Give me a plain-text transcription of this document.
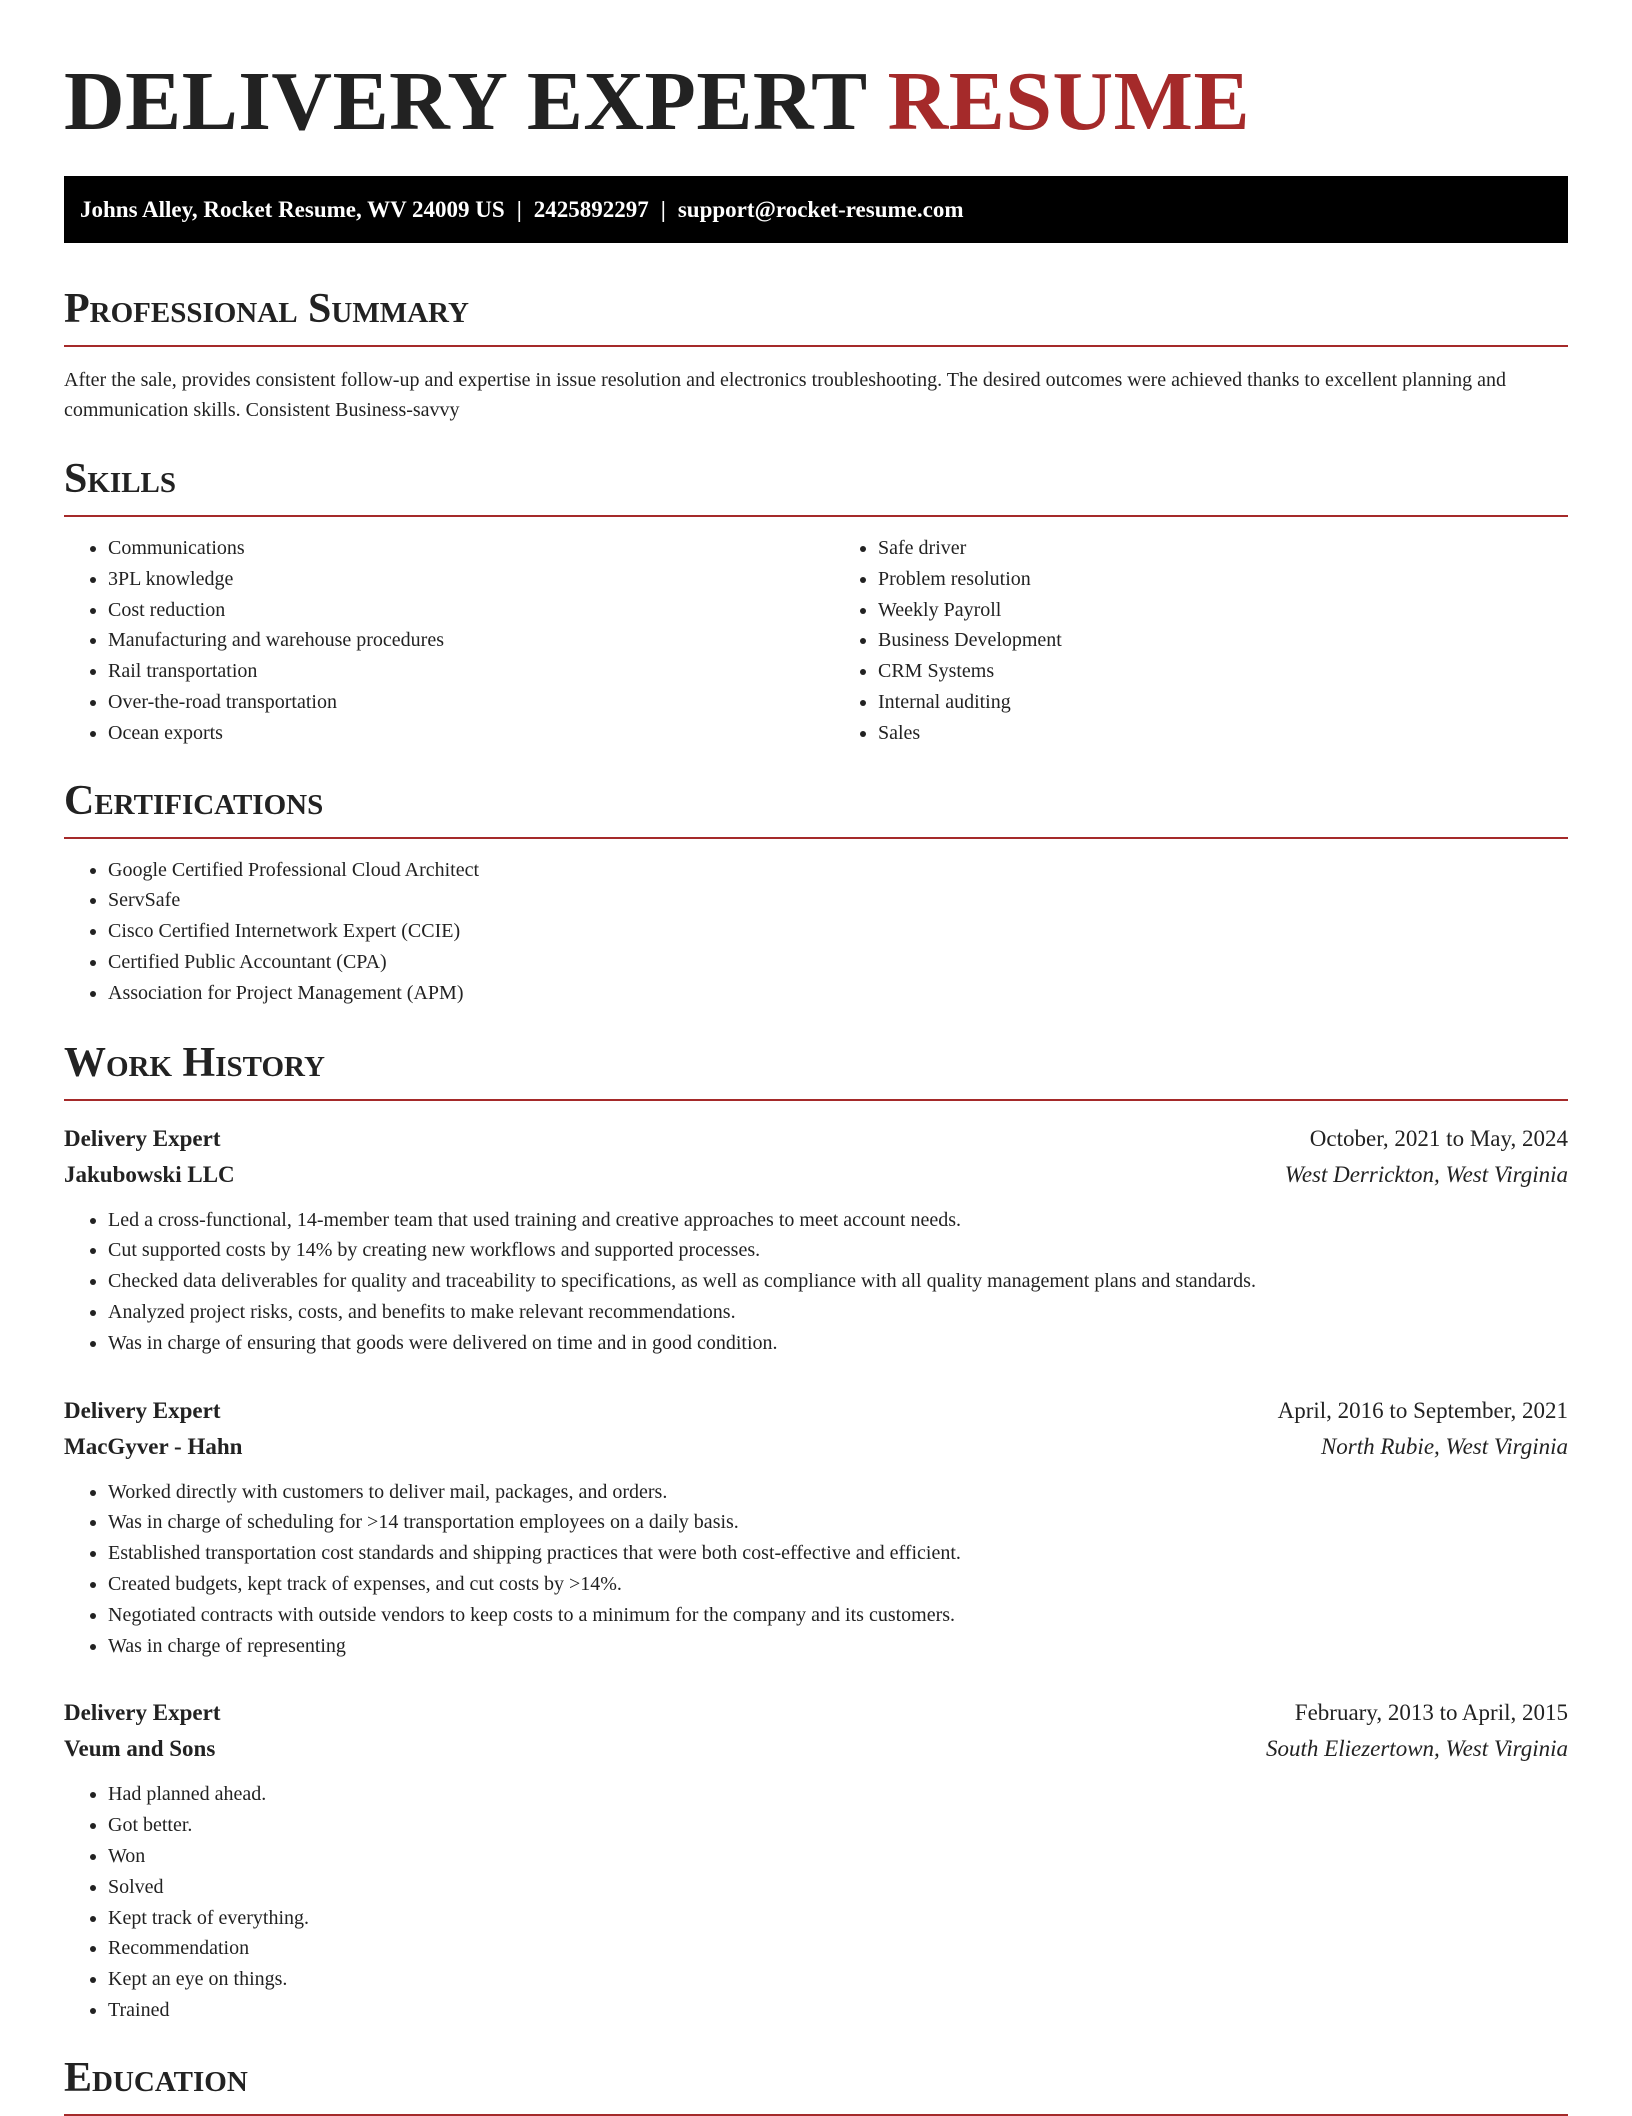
DELIVERY EXPERT RESUME
Johns Alley, Rocket Resume, WV 24009 US | 2425892297 | support@rocket-resume.com
Professional Summary

After the sale, provides consistent follow-up and expertise in issue resolution and electronics troubleshooting. The desired outcomes were achieved thanks to excellent planning and communication skills. Consistent Business-savvy

Skills
• Communications
• 3PL knowledge
• Cost reduction
• Manufacturing and warehouse procedures
• Rail transportation
• Over-the-road transportation
• Ocean exports
• Safe driver
• Problem resolution
• Weekly Payroll
• Business Development
• CRM Systems
• Internal auditing
• Sales
Certifications
• Google Certified Professional Cloud Architect
• ServSafe
• Cisco Certified Internetwork Expert (CCIE)
• Certified Public Accountant (CPA)
• Association for Project Management (APM)
Work History
Delivery Expert	October, 2021 to May, 2024
Jakubowski LLC	West Derrickton, West Virginia
• Led a cross-functional, 14-member team that used training and creative approaches to meet account needs.
• Cut supported costs by 14% by creating new workflows and supported processes.
• Checked data deliverables for quality and traceability to specifications, as well as compliance with all quality management plans and standards.
• Analyzed project risks, costs, and benefits to make relevant recommendations.
• Was in charge of ensuring that goods were delivered on time and in good condition.
Delivery Expert	April, 2016 to September, 2021
MacGyver - Hahn	North Rubie, West Virginia
• Worked directly with customers to deliver mail, packages, and orders.
• Was in charge of scheduling for >14 transportation employees on a daily basis.
• Established transportation cost standards and shipping practices that were both cost-effective and efficient.
• Created budgets, kept track of expenses, and cut costs by >14%.
• Negotiated contracts with outside vendors to keep costs to a minimum for the company and its customers.
• Was in charge of representing
Delivery Expert	February, 2013 to April, 2015
Veum and Sons	South Eliezertown, West Virginia
• Had planned ahead.
• Got better.
• Won
• Solved
• Kept track of everything.
• Recommendation
• Kept an eye on things.
• Trained
Education
